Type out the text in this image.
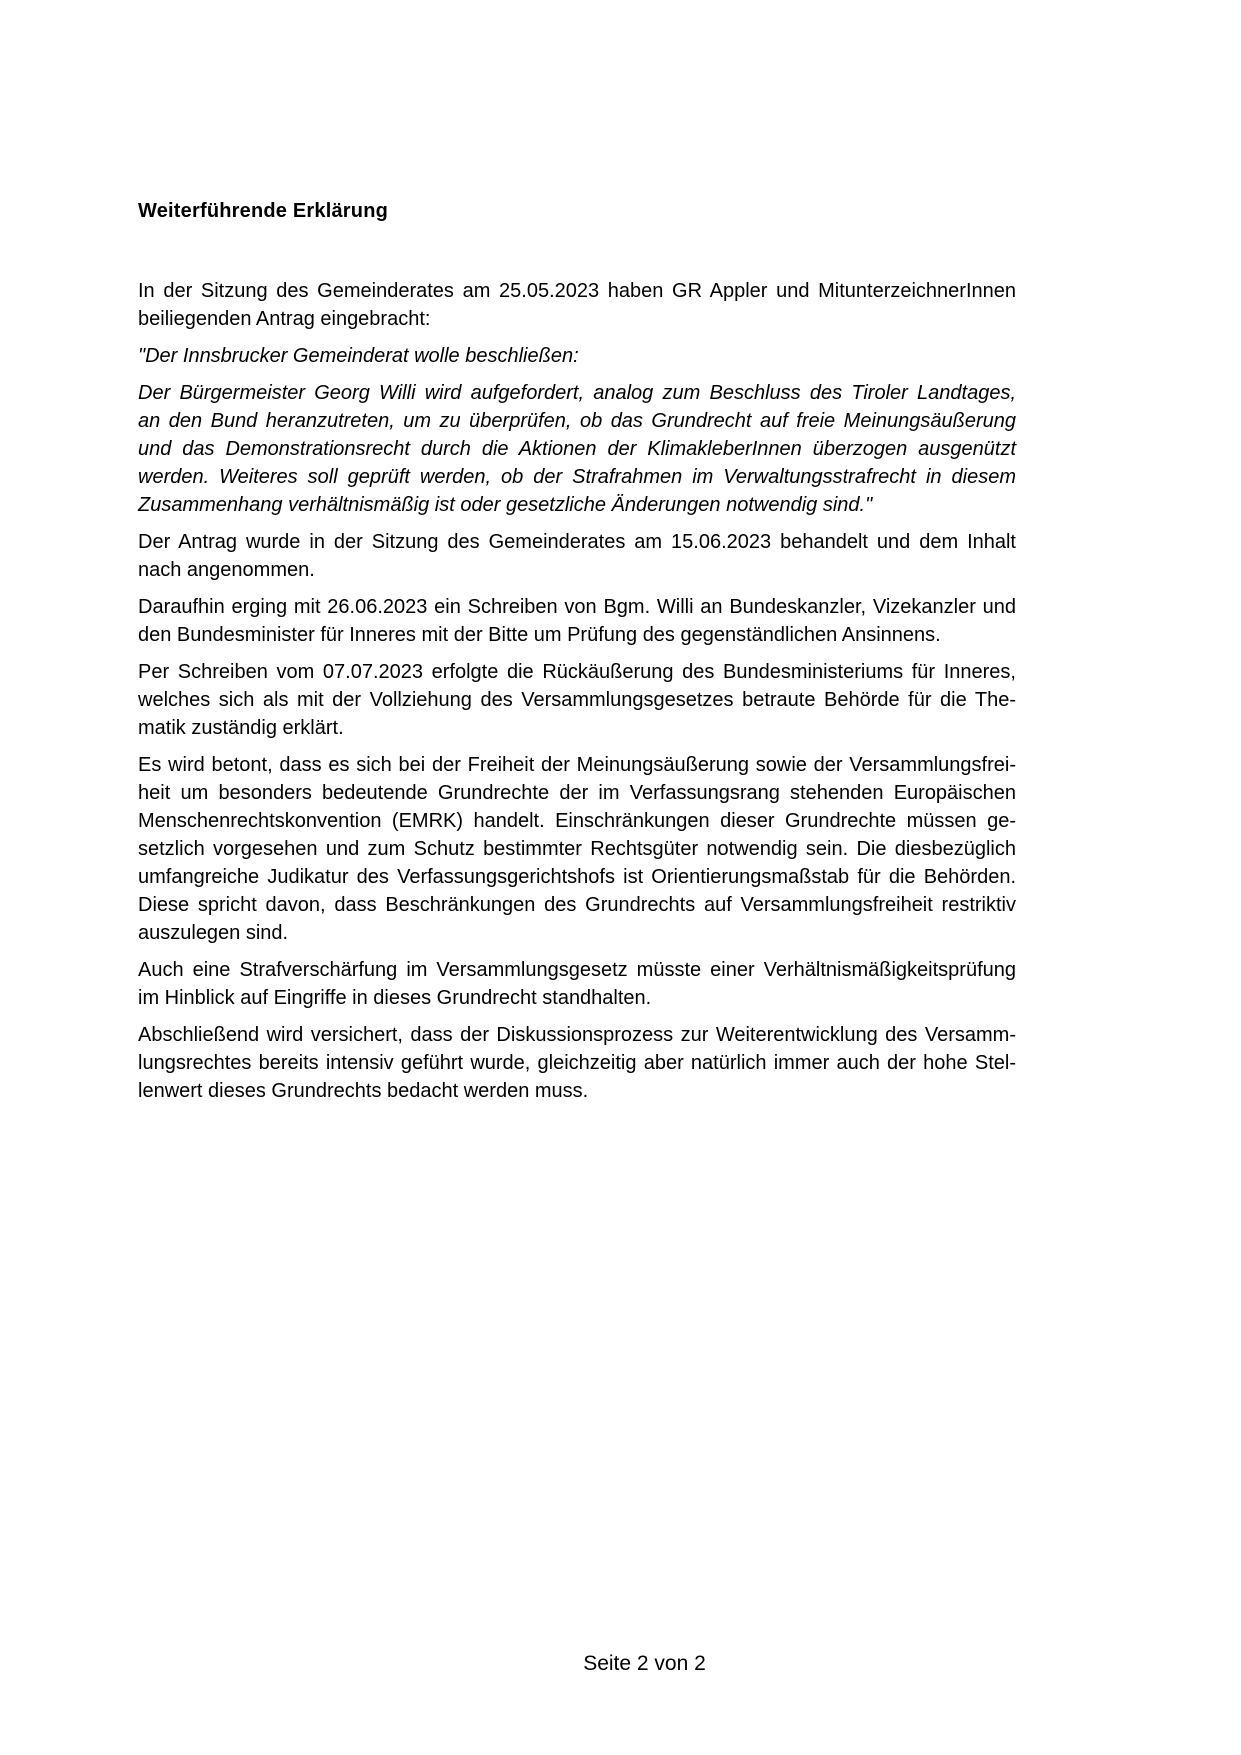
Weiterführende Erklärung
In der Sitzung des Gemeinderates am 25.05.2023 haben GR Appler und MitunterzeichnerInnen
beiliegenden Antrag eingebracht:
"Der Innsbrucker Gemeinderat wolle beschließen:
Der Bürgermeister Georg Willi wird aufgefordert, analog zum Beschluss des Tiroler Landtages,
an den Bund heranzutreten, um zu überprüfen, ob das Grundrecht auf freie Meinungsäußerung
und das Demonstrationsrecht durch die Aktionen der KlimakleberInnen überzogen ausgenützt
werden. Weiteres soll geprüft werden, ob der Strafrahmen im Verwaltungsstrafrecht in diesem
Zusammenhang verhältnismäßig ist oder gesetzliche Änderungen notwendig sind."
Der Antrag wurde in der Sitzung des Gemeinderates am 15.06.2023 behandelt und dem Inhalt
nach angenommen.
Daraufhin erging mit 26.06.2023 ein Schreiben von Bgm. Willi an Bundeskanzler, Vizekanzler und
den Bundesminister für Inneres mit der Bitte um Prüfung des gegenständlichen Ansinnens.
Per Schreiben vom 07.07.2023 erfolgte die Rückäußerung des Bundesministeriums für Inneres,
welches sich als mit der Vollziehung des Versammlungsgesetzes betraute Behörde für die The-
matik zuständig erklärt.
Es wird betont, dass es sich bei der Freiheit der Meinungsäußerung sowie der Versammlungsfrei-
heit um besonders bedeutende Grundrechte der im Verfassungsrang stehenden Europäischen
Menschenrechtskonvention (EMRK) handelt. Einschränkungen dieser Grundrechte müssen ge-
setzlich vorgesehen und zum Schutz bestimmter Rechtsgüter notwendig sein. Die diesbezüglich
umfangreiche Judikatur des Verfassungsgerichtshofs ist Orientierungsmaßstab für die Behörden.
Diese spricht davon, dass Beschränkungen des Grundrechts auf Versammlungsfreiheit restriktiv
auszulegen sind.
Auch eine Strafverschärfung im Versammlungsgesetz müsste einer Verhältnismäßigkeitsprüfung
im Hinblick auf Eingriffe in dieses Grundrecht standhalten.
Abschließend wird versichert, dass der Diskussionsprozess zur Weiterentwicklung des Versamm-
lungsrechtes bereits intensiv geführt wurde, gleichzeitig aber natürlich immer auch der hohe Stel-
lenwert dieses Grundrechts bedacht werden muss.
Seite 2 von 2
